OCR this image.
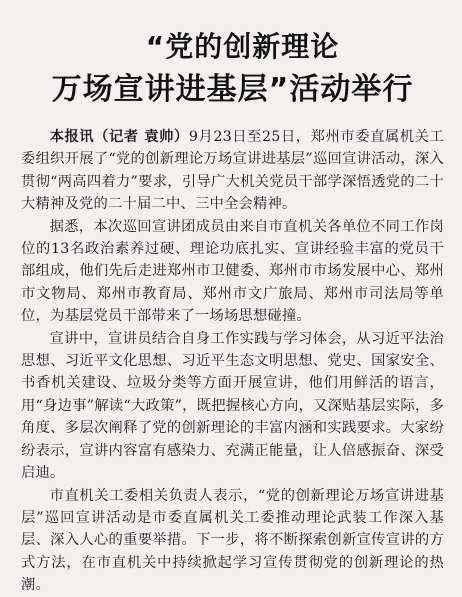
“党的创新理论
万场宣讲进基层”活动举行

本报讯（记者 袁帅）9月23日至25日，郑州市委直属机关工委组织开展了“党的创新理论万场宣讲进基层”巡回宣讲活动，深入贯彻“两高四着力”要求，引导广大机关党员干部学深悟透党的二十大精神及党的二十届二中、三中全会精神。

据悉，本次巡回宣讲团成员由来自市直机关各单位不同工作岗位的13名政治素养过硬、理论功底扎实、宣讲经验丰富的党员干部组成，他们先后走进郑州市卫健委、郑州市市场发展中心、郑州市文物局、郑州市教育局、郑州市文广旅局、郑州市司法局等单位，为基层党员干部带来了一场场思想碰撞。

宣讲中，宣讲员结合自身工作实践与学习体会，从习近平法治思想、习近平文化思想、习近平生态文明思想、党史、国家安全、书香机关建设、垃圾分类等方面开展宣讲，他们用鲜活的语言，用“身边事”解读“大政策”，既把握核心方向，又深贴基层实际，多角度、多层次阐释了党的创新理论的丰富内涵和实践要求。大家纷纷表示，宣讲内容富有感染力、充满正能量，让人倍感振奋、深受启迪。

市直机关工委相关负责人表示，“党的创新理论万场宣讲进基层”巡回宣讲活动是市委直属机关工委推动理论武装工作深入基层、深入人心的重要举措。下一步，将不断探索创新宣传宣讲的方式方法，在市直机关中持续掀起学习宣传贯彻党的创新理论的热潮。
